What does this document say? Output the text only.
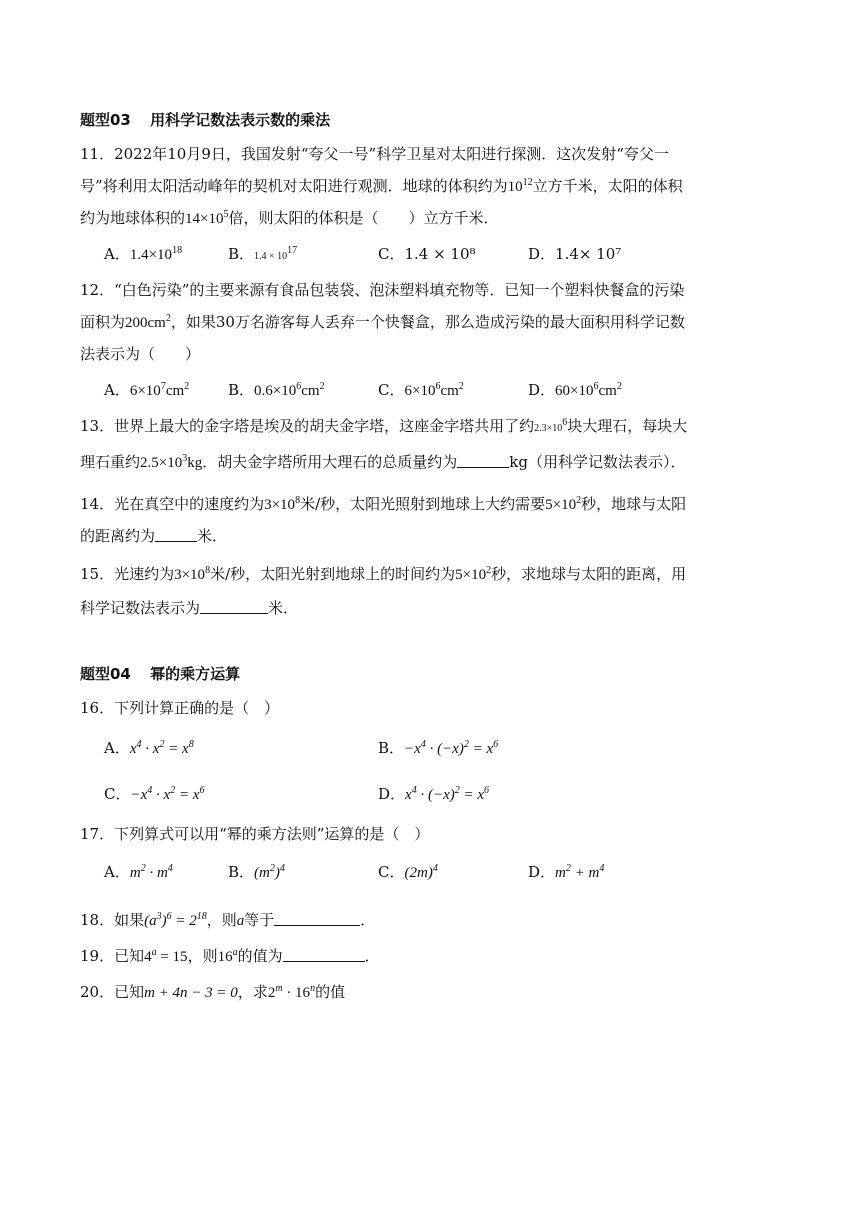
题型03 用科学记数法表示数的乘法
11．2022年10月9日，我国发射“夸父一号”科学卫星对太阳进行探测．这次发射“夸父一
号”将利用太阳活动峰年的契机对太阳进行观测．地球的体积约为$10^{12}$立方千米，太阳的体积
约为地球体积的$14\times 10^5$倍，则太阳的体积是（　　）立方千米．
A．$1.4\times 10^{18}$	B．$1.4 \times 10^{17}$	C．1.4 × 10⁸	D．1.4× 10⁷
12．“白色污染”的主要来源有食品包装袋、泡沫塑料填充物等．已知一个塑料快餐盒的污染
面积为$200cm^2$，如果30万名游客每人丢弃一个快餐盒，那么造成污染的最大面积用科学记数
法表示为（　　）
A．$6\times 10^7cm^2$	B．$0.6\times 10^6cm^2$	C．$6\times 10^6cm^2$	D．$60\times 10^6cm^2$
13．世界上最大的金字塔是埃及的胡夫金字塔，这座金字塔共用了约$2.3\times 10^6$块大理石，每块大
理石重约$2.5\times 10^3kg$．胡夫金字塔所用大理石的总质量约为	kg（用科学记数法表示）．
14．光在真空中的速度约为$3\times 10^8$米/秒，太阳光照射到地球上大约需要$5\times 10^2$秒，地球与太阳
的距离约为	米．
15．光速约为$3\times 10^8$米/秒，太阳光射到地球上的时间约为$5\times 10^2$秒，求地球与太阳的距离，用
科学记数法表示为	米．
题型04 幂的乘方运算
16．下列计算正确的是（　）
A．$x^4 \cdot x^2 = x^8$	B．$-x^4 \cdot (-x)^2 = x^6$
C．$-x^4 \cdot x^2 = x^6$	D．$x^4 \cdot (-x)^2 = x^6$
17．下列算式可以用“幂的乘方法则”运算的是（　）
A．$m^2 \cdot m^4$	B．$(m^2)^4$	C．$(2m)^4$	D．$m^2 + m^4$
18．如果$(a^3)^6 = 2^{18}$，则a等于	．
19．已知$4^a = 15$，则16$^a$的值为	．
20．已知m + 4n − 3 = 0，求$2^m \cdot 16^n$的值
